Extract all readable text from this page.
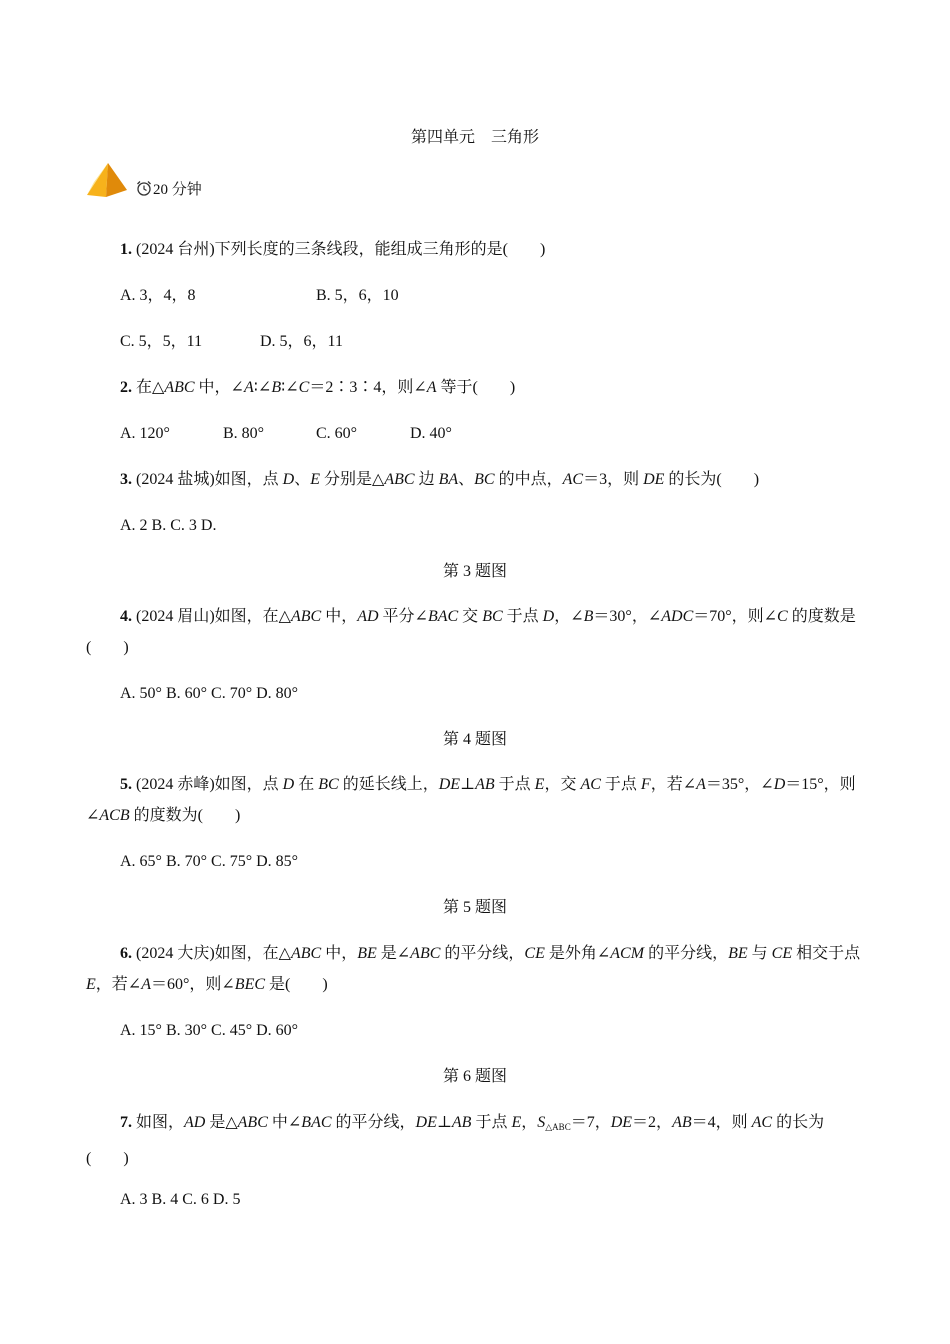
第四单元　三角形
20 分钟
1. (2024 台州)下列长度的三条线段，能组成三角形的是(　　)
A. 3，4，8	B. 5，6，10
C. 5，5，11	D. 5，6，11
2. 在△ABC 中，∠A∶∠B∶∠C＝2∶3∶4，则∠A 等于(　　)
A. 120°	B. 80°	C. 60°	D. 40°
3. (2024 盐城)如图，点 D、E 分别是△ABC 边 BA、BC 的中点，AC＝3，则 DE 的长为(　　)
A. 2 B. C. 3 D.
第 3 题图
4. (2024 眉山)如图，在△ABC 中，AD 平分∠BAC 交 BC 于点 D，∠B＝30°，∠ADC＝70°，则∠C 的度数是(　　)
A. 50° B. 60° C. 70° D. 80°
第 4 题图
5. (2024 赤峰)如图，点 D 在 BC 的延长线上，DE⊥AB 于点 E，交 AC 于点 F，若∠A＝35°，∠D＝15°，则∠ACB 的度数为(　　)
A. 65° B. 70° C. 75° D. 85°
第 5 题图
6. (2024 大庆)如图，在△ABC 中，BE 是∠ABC 的平分线，CE 是外角∠ACM 的平分线，BE 与 CE 相交于点 E，若∠A＝60°，则∠BEC 是(　　)
A. 15° B. 30° C. 45° D. 60°
第 6 题图
7. 如图，AD 是△ABC 中∠BAC 的平分线，DE⊥AB 于点 E，$S_{\triangle ABC}=7$，DE＝2，AB＝4，则 AC 的长为(　　)
A. 3 B. 4 C. 6 D. 5
